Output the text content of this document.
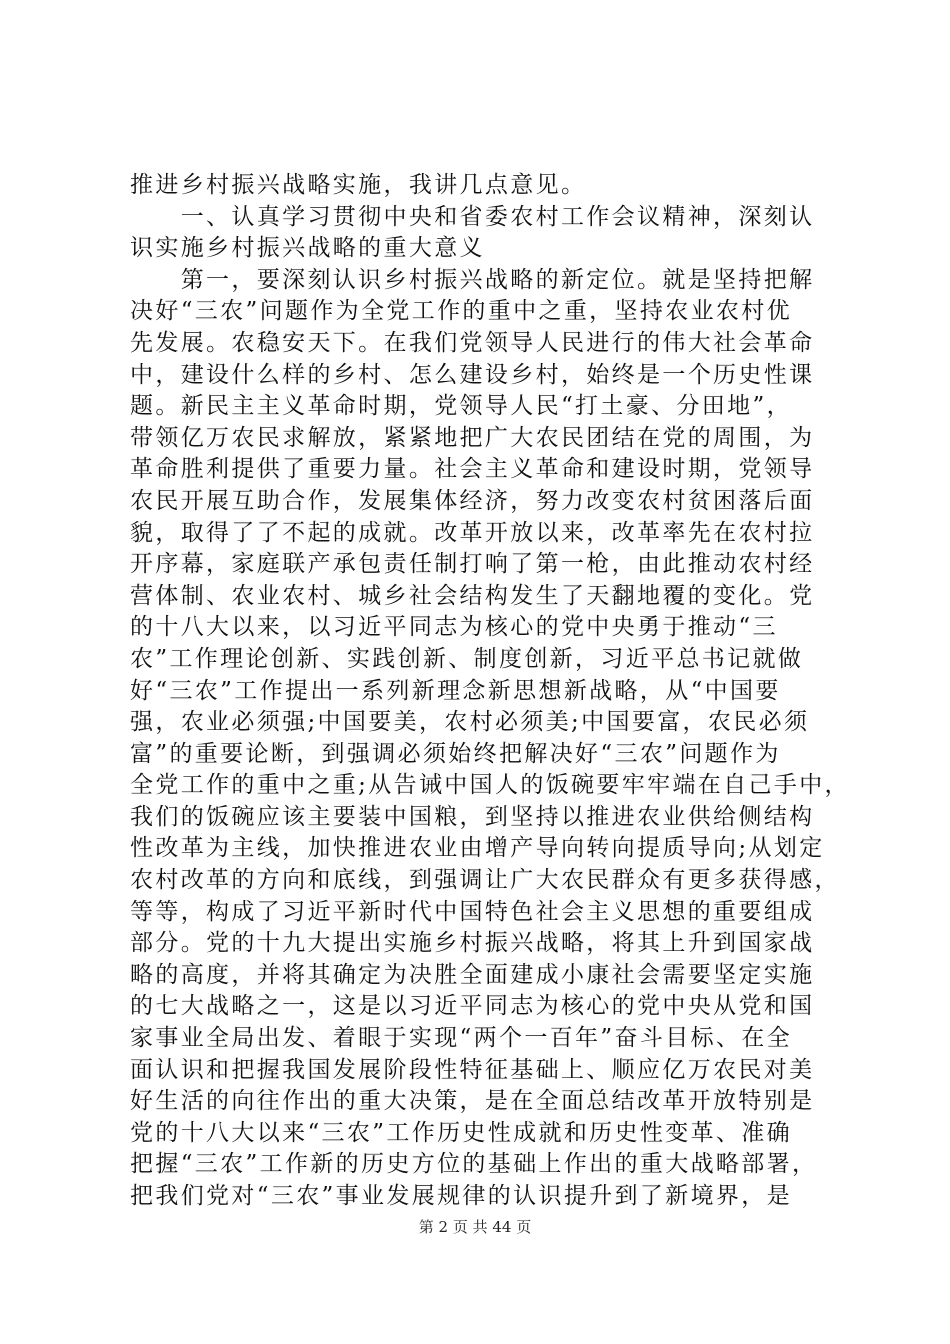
推进乡村振兴战略实施，我讲几点意见。
　　一、认真学习贯彻中央和省委农村工作会议精神，深刻认
识实施乡村振兴战略的重大意义
　　第一，要深刻认识乡村振兴战略的新定位。就是坚持把解
决好“三农”问题作为全党工作的重中之重，坚持农业农村优
先发展。农稳安天下。在我们党领导人民进行的伟大社会革命
中，建设什么样的乡村、怎么建设乡村，始终是一个历史性课
题。新民主主义革命时期，党领导人民“打土豪、分田地”，
带领亿万农民求解放，紧紧地把广大农民团结在党的周围，为
革命胜利提供了重要力量。社会主义革命和建设时期，党领导
农民开展互助合作，发展集体经济，努力改变农村贫困落后面
貌，取得了了不起的成就。改革开放以来，改革率先在农村拉
开序幕，家庭联产承包责任制打响了第一枪，由此推动农村经
营体制、农业农村、城乡社会结构发生了天翻地覆的变化。党
的十八大以来，以习近平同志为核心的党中央勇于推动“三
农”工作理论创新、实践创新、制度创新，习近平总书记就做
好“三农”工作提出一系列新理念新思想新战略，从“中国要
强，农业必须强;中国要美，农村必须美;中国要富，农民必须
富”的重要论断，到强调必须始终把解决好“三农”问题作为
全党工作的重中之重;从告诫中国人的饭碗要牢牢端在自己手中，
我们的饭碗应该主要装中国粮，到坚持以推进农业供给侧结构
性改革为主线，加快推进农业由增产导向转向提质导向;从划定
农村改革的方向和底线，到强调让广大农民群众有更多获得感，
等等，构成了习近平新时代中国特色社会主义思想的重要组成
部分。党的十九大提出实施乡村振兴战略，将其上升到国家战
略的高度，并将其确定为决胜全面建成小康社会需要坚定实施
的七大战略之一，这是以习近平同志为核心的党中央从党和国
家事业全局出发、着眼于实现“两个一百年”奋斗目标、在全
面认识和把握我国发展阶段性特征基础上、顺应亿万农民对美
好生活的向往作出的重大决策，是在全面总结改革开放特别是
党的十八大以来“三农”工作历史性成就和历史性变革、准确
把握“三农”工作新的历史方位的基础上作出的重大战略部署，
把我们党对“三农”事业发展规律的认识提升到了新境界，是
第 2 页 共 44 页
